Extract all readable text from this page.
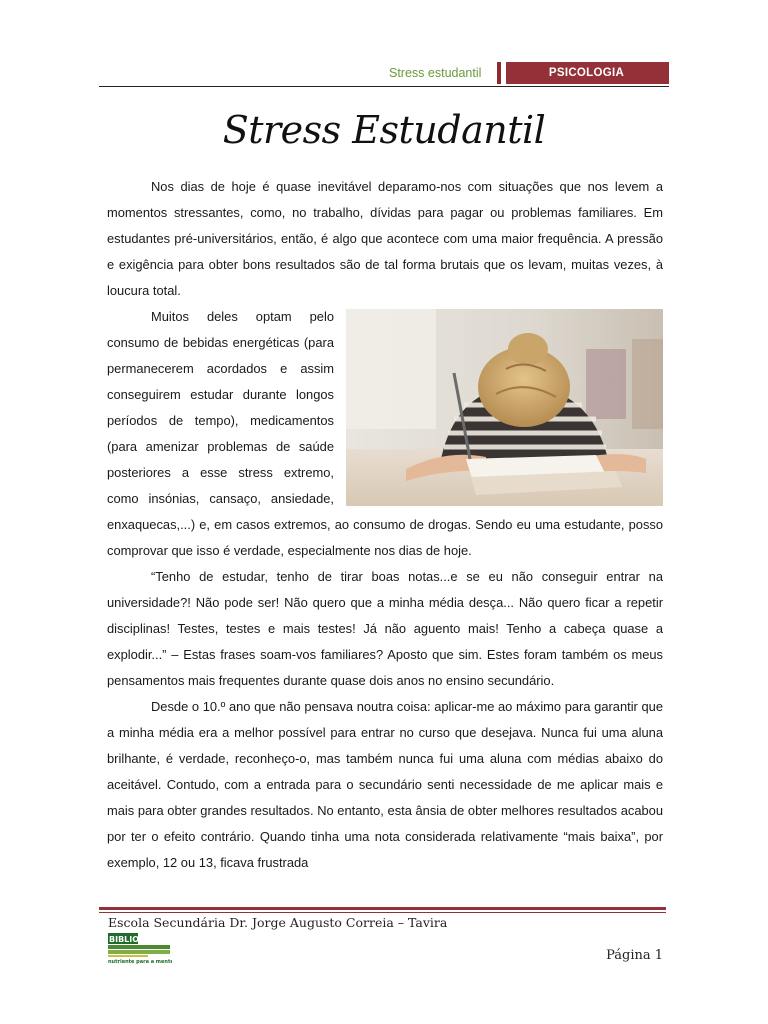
Stress estudantil	PSICOLOGIA
Stress Estudantil

Nos dias de hoje é quase inevitável deparamo-nos com situações que nos levem a momentos stressantes, como, no trabalho, dívidas para pagar ou problemas familiares. Em estudantes pré-universitários, então, é algo que acontece com uma maior frequência. A pressão e exigência para obter bons resultados são de tal forma brutais que os levam, muitas vezes, à loucura total.

Muitos deles optam pelo consumo de bebidas energéticas (para permanecerem acordados e assim conseguirem estudar durante longos períodos de tempo), medicamentos (para amenizar problemas de saúde posteriores a esse stress extremo, como insónias, cansaço, ansiedade, enxaquecas,...) e, em casos extremos, ao consumo de drogas. Sendo eu uma estudante, posso comprovar que isso é verdade, especialmente nos dias de hoje.

“Tenho de estudar, tenho de tirar boas notas...e se eu não conseguir entrar na universidade?! Não pode ser! Não quero que a minha média desça... Não quero ficar a repetir disciplinas! Testes, testes e mais testes! Já não aguento mais! Tenho a cabeça quase a explodir...” – Estas frases soam-vos familiares? Aposto que sim. Estes foram também os meus pensamentos mais frequentes durante quase dois anos no ensino secundário.

Desde o 10.º ano que não pensava noutra coisa: aplicar-me ao máximo para garantir que a minha média era a melhor possível para entrar no curso que desejava. Nunca fui uma aluna brilhante, é verdade, reconheço-o, mas também nunca fui uma aluna com médias abaixo do aceitável. Contudo, com a entrada para o secundário senti necessidade de me aplicar mais e mais para obter grandes resultados. No entanto, esta ânsia de obter melhores resultados acabou por ter o efeito contrário. Quando tinha uma nota considerada relativamente “mais baixa”, por exemplo, 12 ou 13, ficava frustrada

Escola Secundária Dr. Jorge Augusto Correia – Tavira
BIBLIOTEC@
nutriente para a mente	Página 1
